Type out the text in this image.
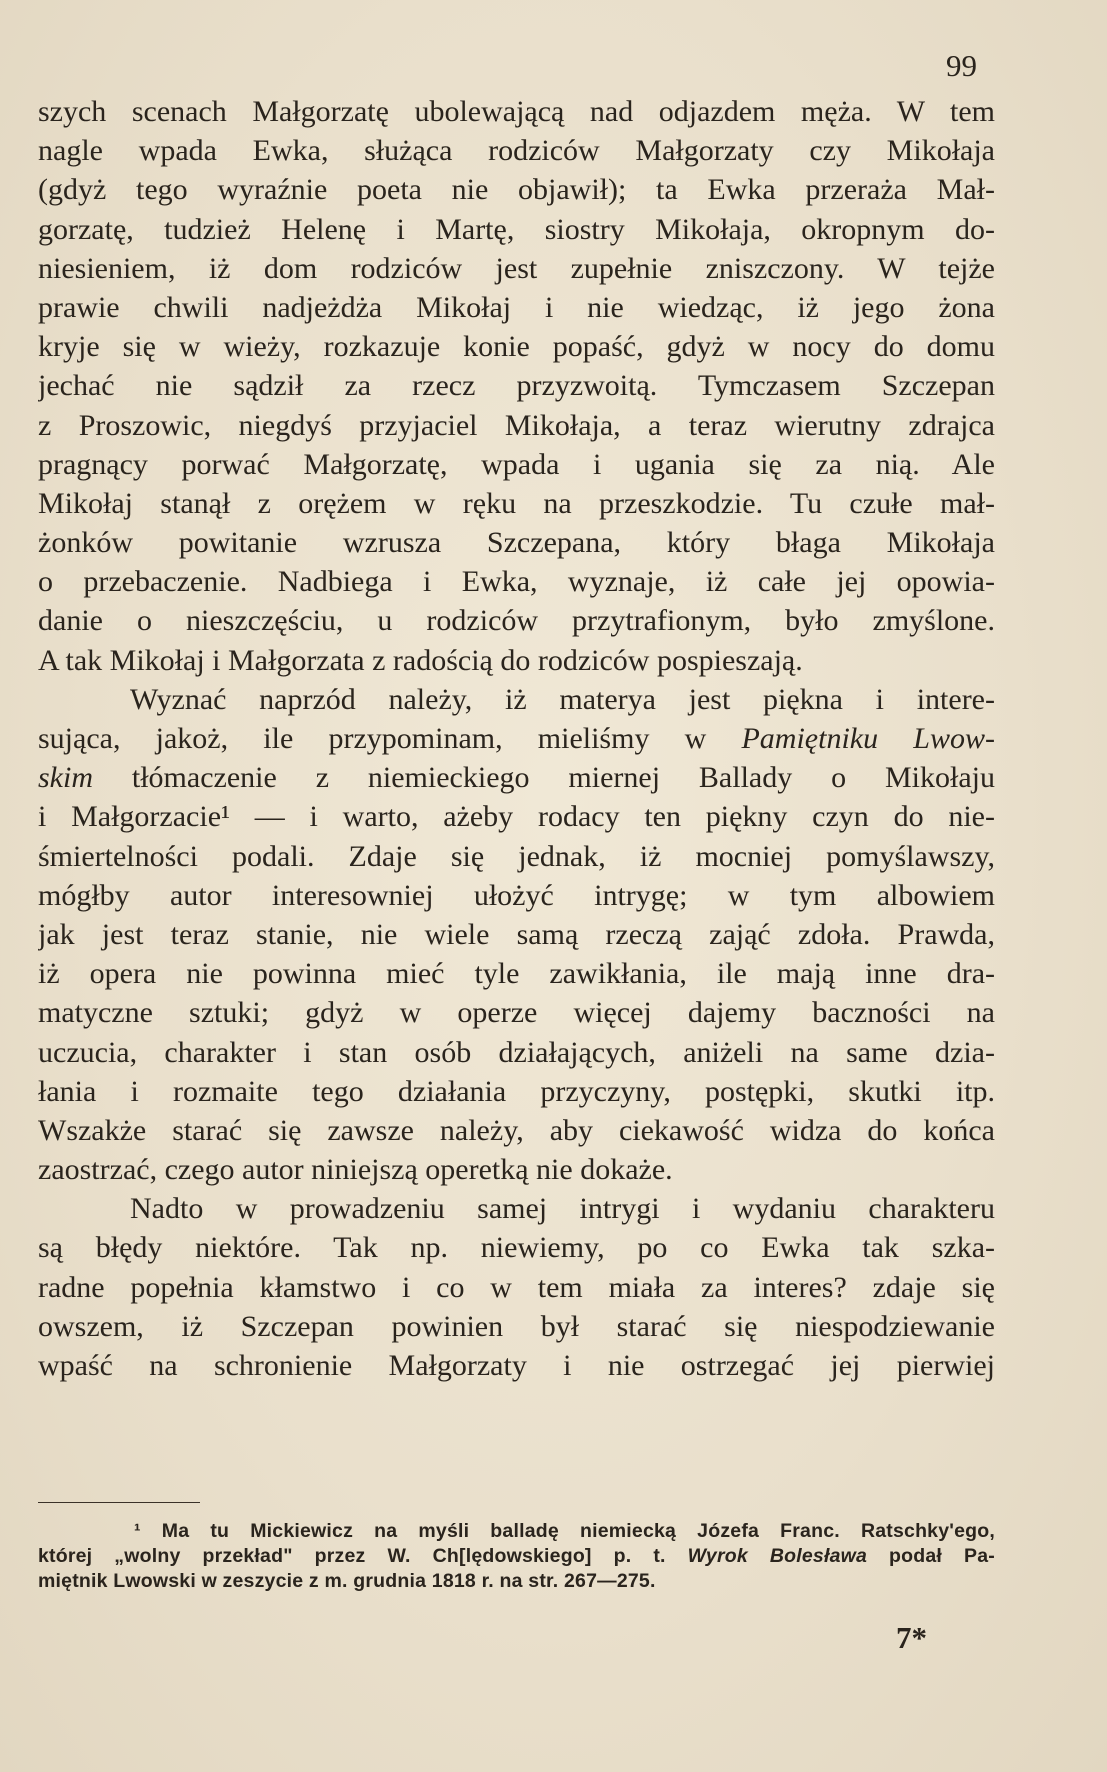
99
szych scenach Małgorzatę ubolewającą nad odjazdem męża. W tem
nagle wpada Ewka, służąca rodziców Małgorzaty czy Mikołaja
(gdyż tego wyraźnie poeta nie objawił); ta Ewka przeraża Mał-
gorzatę, tudzież Helenę i Martę, siostry Mikołaja, okropnym do-
niesieniem, iż dom rodziców jest zupełnie zniszczony. W tejże
prawie chwili nadjeżdża Mikołaj i nie wiedząc, iż jego żona
kryje się w wieży, rozkazuje konie popaść, gdyż w nocy do domu
jechać nie sądził za rzecz przyzwoitą. Tymczasem Szczepan
z Proszowic, niegdyś przyjaciel Mikołaja, a teraz wierutny zdrajca
pragnący porwać Małgorzatę, wpada i ugania się za nią. Ale
Mikołaj stanął z orężem w ręku na przeszkodzie. Tu czułe mał-
żonków powitanie wzrusza Szczepana, który błaga Mikołaja
o przebaczenie. Nadbiega i Ewka, wyznaje, iż całe jej opowia-
danie o nieszczęściu, u rodziców przytrafionym, było zmyślone.
A tak Mikołaj i Małgorzata z radością do rodziców pospieszają.
Wyznać naprzód należy, iż materya jest piękna i intere-
sująca, jakoż, ile przypominam, mieliśmy w Pamiętniku Lwow-
skim tłómaczenie z niemieckiego miernej Ballady o Mikołaju
i Małgorzacie¹ — i warto, ażeby rodacy ten piękny czyn do nie-
śmiertelności podali. Zdaje się jednak, iż mocniej pomyślawszy,
mógłby autor interesowniej ułożyć intrygę; w tym albowiem
jak jest teraz stanie, nie wiele samą rzeczą zająć zdoła. Prawda,
iż opera nie powinna mieć tyle zawikłania, ile mają inne dra-
matyczne sztuki; gdyż w operze więcej dajemy baczności na
uczucia, charakter i stan osób działających, aniżeli na same dzia-
łania i rozmaite tego działania przyczyny, postępki, skutki itp.
Wszakże starać się zawsze należy, aby ciekawość widza do końca
zaostrzać, czego autor niniejszą operetką nie dokaże.
Nadto w prowadzeniu samej intrygi i wydaniu charakteru
są błędy niektóre. Tak np. niewiemy, po co Ewka tak szka-
radne popełnia kłamstwo i co w tem miała za interes? zdaje się
owszem, iż Szczepan powinien był starać się niespodziewanie
wpaść na schronienie Małgorzaty i nie ostrzegać jej pierwiej
¹ Ma tu Mickiewicz na myśli balladę niemiecką Józefa Franc. Ratschky'ego,
której „wolny przekład" przez W. Ch[lędowskiego] p. t. Wyrok Bolesława podał Pa-
miętnik Lwowski w zeszycie z m. grudnia 1818 r. na str. 267—275.
7*
